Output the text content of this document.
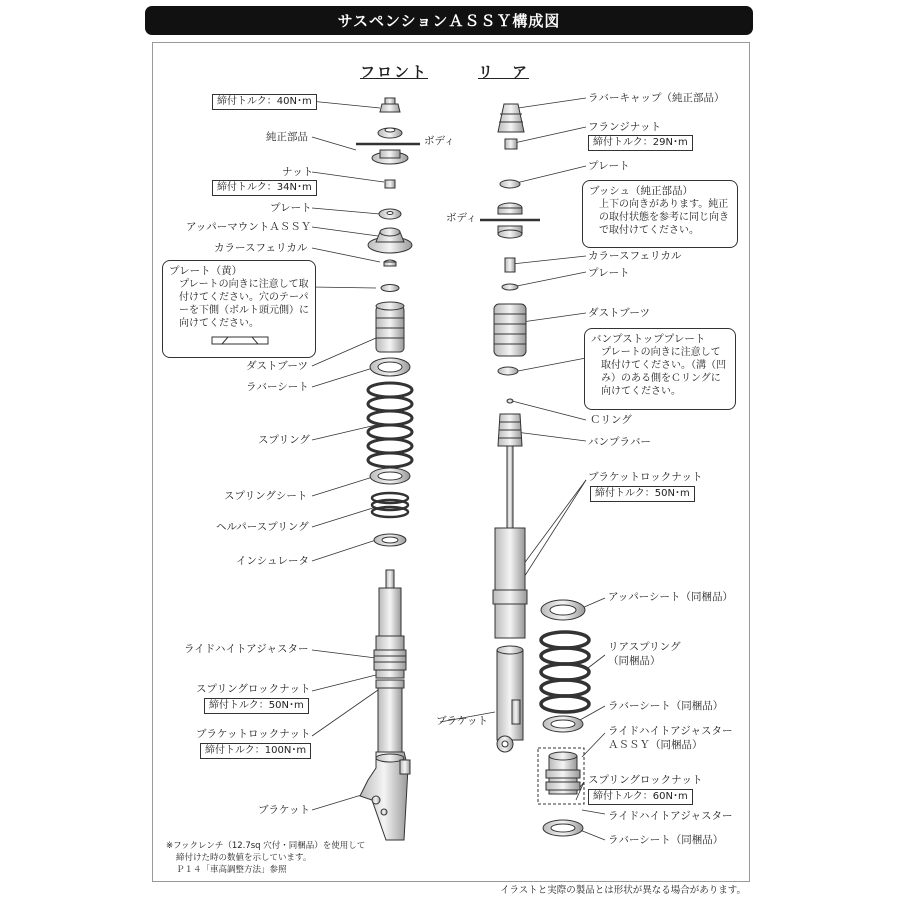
サスペンションＡＳＳＹ構成図
フロント	リ　ア
締付トルク：40N･m
純正部品	ボディ
ナット
締付トルク：34N･m
プレート
アッパーマウントＡＳＳＹ
カラースフェリカル
プレート（黄）
プレートの向きに注意して取付けてください。穴のテーパーを下側（ボルト頭元側）に向けてください。
ダストブーツ
ラバーシート
スプリング
スプリングシート
ヘルパースプリング
インシュレータ
ライドハイトアジャスター
スプリングロックナット
締付トルク：50N･m
ブラケットロックナット
締付トルク：100N･m
ブラケット
※フックレンチ（12.7sq 穴付・同梱品）を使用して
締付けた時の数値を示しています。
Ｐ１４「車高調整方法」参照
ラバーキャップ（純正部品）
フランジナット
締付トルク：29N･m
プレート
ブッシュ（純正部品）
上下の向きがあります。純正の取付状態を参考に同じ向きで取付けてください。
ボディ
カラースフェリカル
プレート
ダストブーツ
バンプストッププレート
プレートの向きに注意して取付けてください。（溝（凹み）のある側をＣリングに向けてください。
Ｃリング
バンプラバー
ブラケットロックナット
締付トルク：50N･m
アッパーシート（同梱品）
リアスプリング
（同梱品）
ブラケット
ラバーシート（同梱品）
ライドハイトアジャスター
ＡＳＳＹ（同梱品）
スプリングロックナット
締付トルク：60N･m
ライドハイトアジャスター
ラバーシート（同梱品）
イラストと実際の製品とは形状が異なる場合があります。
